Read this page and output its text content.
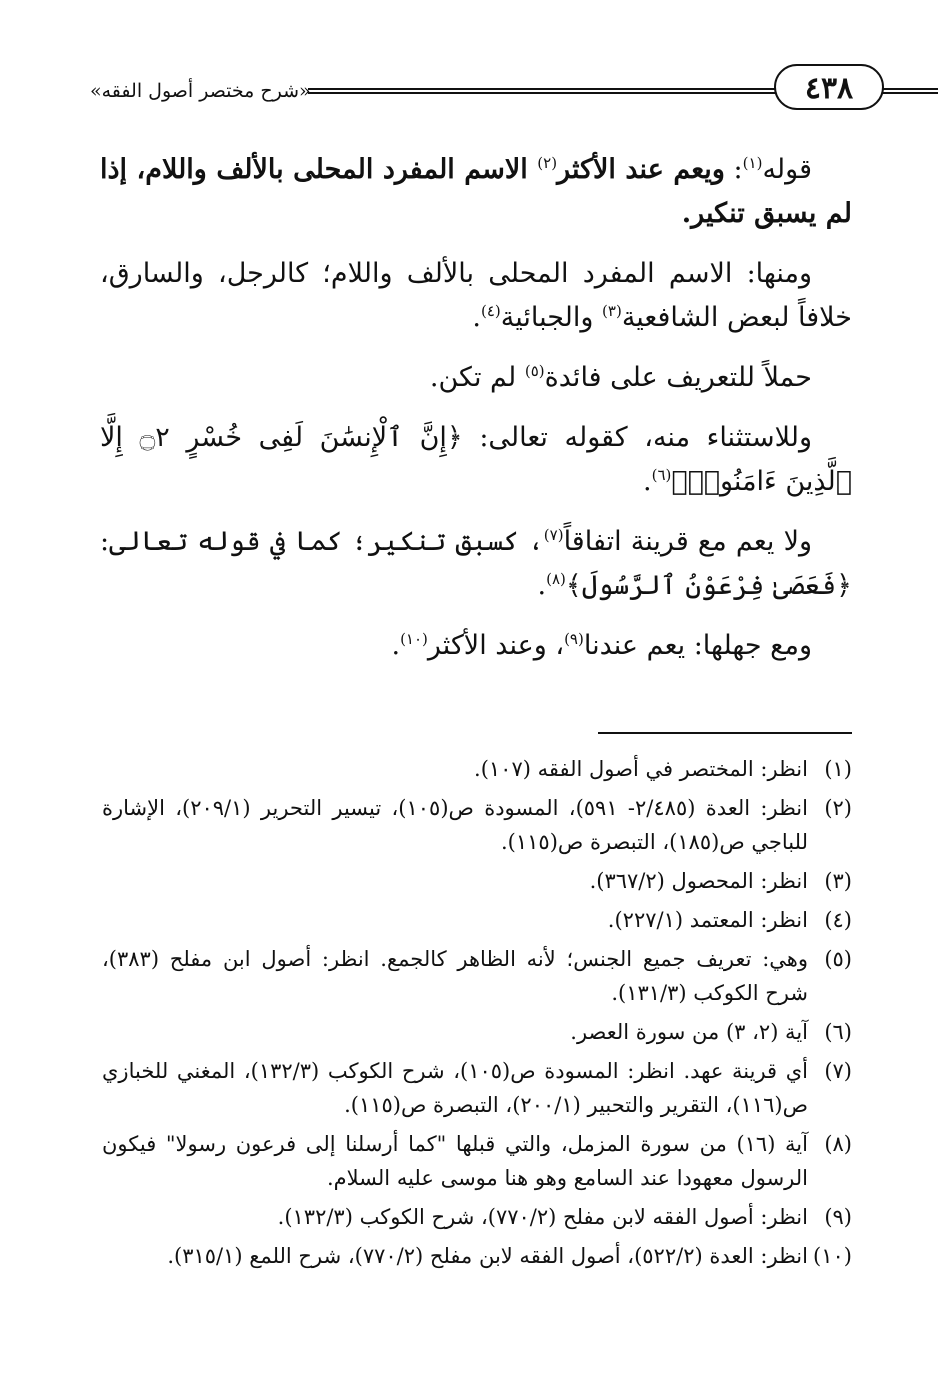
«شرح مختصر أصول الفقه»	٤٣٨

قوله$^{(١)}$: ويعم عند الأكثر$^{(٢)}$ الاسم المفرد المحلى بالألف واللام، إذا لم يسبق تنكير.

ومنها: الاسم المفرد المحلى بالألف واللام؛ كالرجل، والسارق، خلافاً لبعض الشافعية$^{(٣)}$ والجبائية$^{(٤)}$.

حملاً للتعريف على فائدة$^{(٥)}$ لم تكن.

وللاستثناء منه، كقوله تعالى: ﴿إِنَّ ٱلْإِنسَٰنَ لَفِى خُسْرٍ ۝٢ إِلَّا ٱلَّذِينَ ءَامَنُوا۟﴾$^{(٦)}$.

ولا يعم مع قرينة اتفاقاً$^{(٧)}$، كسبق تنكير؛ كما في قوله تعالى: ﴿فَعَصَىٰ فِرْعَوْنُ ٱلرَّسُولَ﴾$^{(٨)}$.

ومع جهلها: يعم عندنا$^{(٩)}$، وعند الأكثر$^{(١٠)}$.

(١)
انظر: المختصر في أصول الفقه (١٠٧).
(٢)
انظر: العدة (٢/٤٨٥- ٥٩١)، المسودة ص(١٠٥)، تيسير التحرير (٢٠٩/١)، الإشارة للباجي ص(١٨٥)، التبصرة ص(١١٥).
(٣)
انظر: المحصول (٣٦٧/٢).
(٤)
انظر: المعتمد (٢٢٧/١).
(٥)
وهي: تعريف جميع الجنس؛ لأنه الظاهر كالجمع. انظر: أصول ابن مفلح (٣٨٣)، شرح الكوكب (١٣١/٣).
(٦)
آية (٢، ٣) من سورة العصر.
(٧)
أي قرينة عهد. انظر: المسودة ص(١٠٥)، شرح الكوكب (١٣٢/٣)، المغني للخبازي ص(١١٦)، التقرير والتحبير (٢٠٠/١)، التبصرة ص(١١٥).
(٨)
آية (١٦) من سورة المزمل، والتي قبلها "كما أرسلنا إلى فرعون رسولا" فيكون الرسول معهودا عند السامع وهو هنا موسى عليه السلام.
(٩)
انظر: أصول الفقه لابن مفلح (٧٧٠/٢)، شرح الكوكب (١٣٢/٣).
(١٠)
انظر: العدة (٥٢٢/٢)، أصول الفقه لابن مفلح (٧٧٠/٢)، شرح اللمع (٣١٥/١).
